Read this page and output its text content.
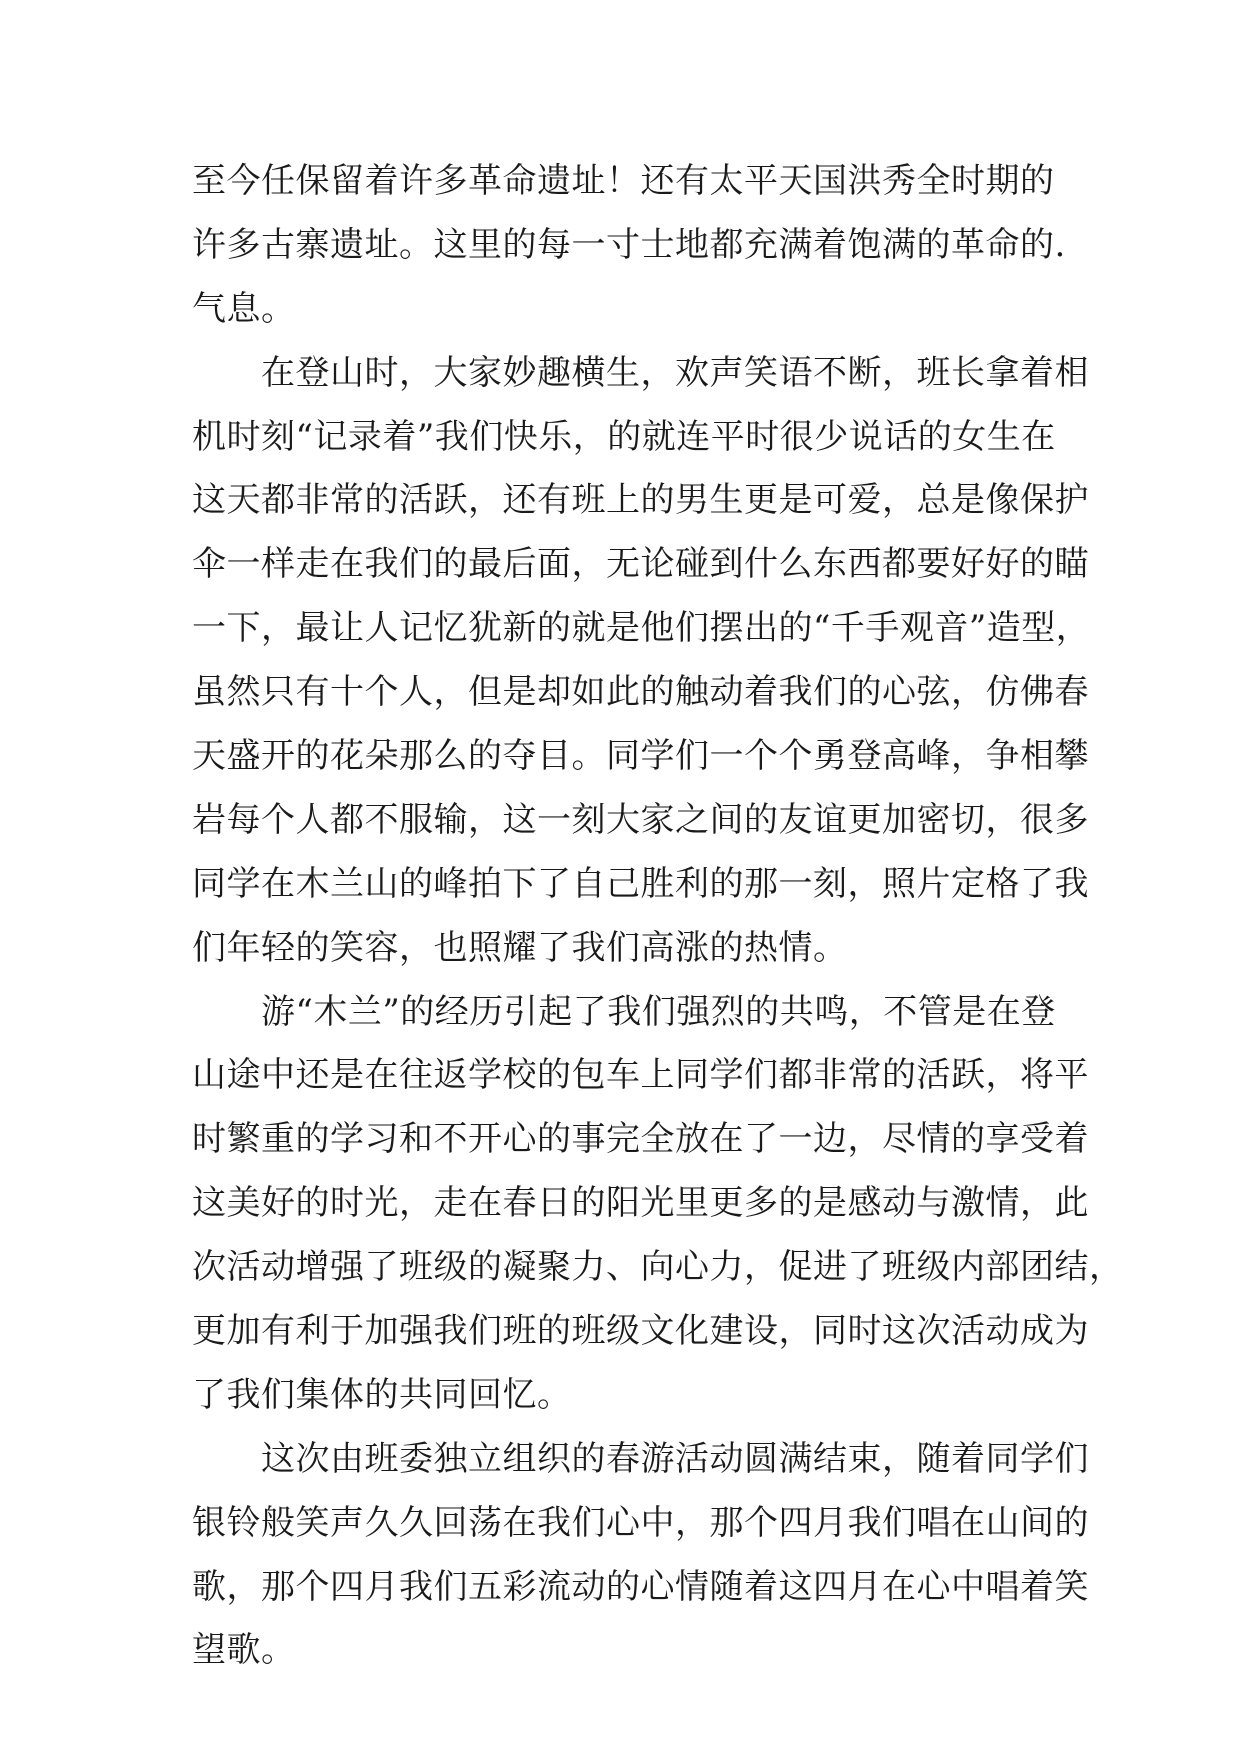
至今任保留着许多革命遗址！还有太平天国洪秀全时期的
许多古寨遗址。这里的每一寸士地都充满着饱满的革命的.
气息。
　　在登山时，大家妙趣横生，欢声笑语不断，班长拿着相
机时刻“记录着”我们快乐，的就连平时很少说话的女生在
这天都非常的活跃，还有班上的男生更是可爱，总是像保护
伞一样走在我们的最后面，无论碰到什么东西都要好好的瞄
一下，最让人记忆犹新的就是他们摆出的“千手观音”造型，
虽然只有十个人，但是却如此的触动着我们的心弦，仿佛春
天盛开的花朵那么的夺目。同学们一个个勇登高峰，争相攀
岩每个人都不服输，这一刻大家之间的友谊更加密切，很多
同学在木兰山的峰拍下了自己胜利的那一刻，照片定格了我
们年轻的笑容，也照耀了我们高涨的热情。
　　游“木兰”的经历引起了我们强烈的共鸣，不管是在登
山途中还是在往返学校的包车上同学们都非常的活跃，将平
时繁重的学习和不开心的事完全放在了一边，尽情的享受着
这美好的时光，走在春日的阳光里更多的是感动与激情，此
次活动增强了班级的凝聚力、向心力，促进了班级内部团结，
更加有利于加强我们班的班级文化建设，同时这次活动成为
了我们集体的共同回忆。
　　这次由班委独立组织的春游活动圆满结束，随着同学们
银铃般笑声久久回荡在我们心中，那个四月我们唱在山间的
歌，那个四月我们五彩流动的心情随着这四月在心中唱着笑
望歌。
